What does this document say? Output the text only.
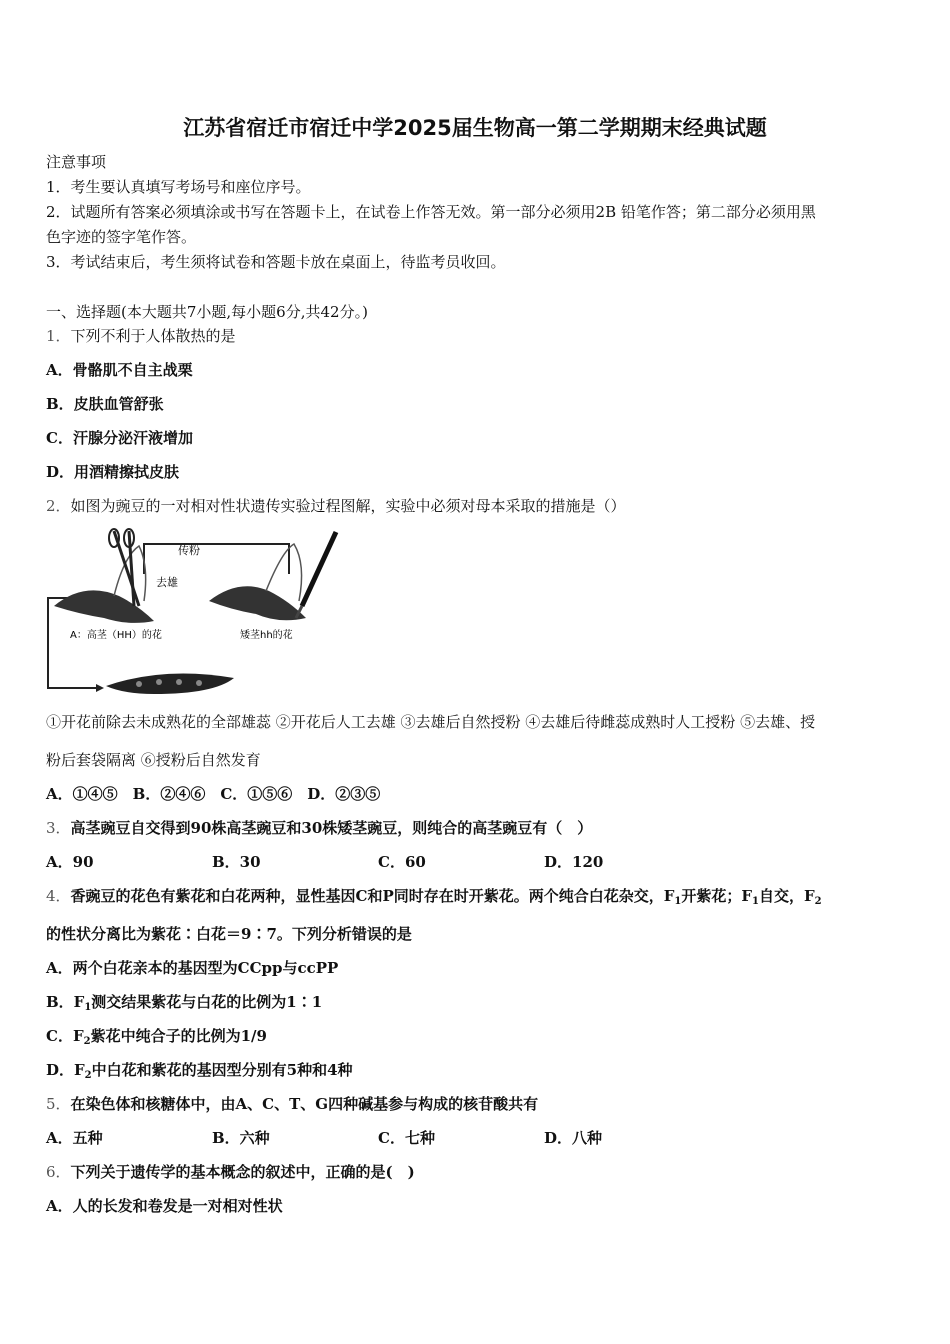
江苏省宿迁市宿迁中学2025届生物高一第二学期期末经典试题
注意事项
1．考生要认真填写考场号和座位序号。
2．试题所有答案必须填涂或书写在答题卡上，在试卷上作答无效。第一部分必须用2B 铅笔作答；第二部分必须用黑
色字迹的签字笔作答。
3．考试结束后，考生须将试卷和答题卡放在桌面上，待监考员收回。
一、选择题(本大题共7小题,每小题6分,共42分。)
1．下列不利于人体散热的是
A．骨骼肌不自主战栗
B．皮肤血管舒张
C．汗腺分泌汗液增加
D．用酒精擦拭皮肤
2．如图为豌豆的一对相对性状遗传实验过程图解，实验中必须对母本采取的措施是（）
传粉
去雄
A：高茎（HH）的花	矮茎hh的花
①开花前除去未成熟花的全部雄蕊 ②开花后人工去雄 ③去雄后自然授粉 ④去雄后待雌蕊成熟时人工授粉 ⑤去雄、授
粉后套袋隔离 ⑥授粉后自然发育
A．①④⑤　B．②④⑥　C．①⑤⑥　D．②③⑤
3．高茎豌豆自交得到90株高茎豌豆和30株矮茎豌豆，则纯合的高茎豌豆有（　）
A．90	B．30	C．60	D．120
4．香豌豆的花色有紫花和白花两种，显性基因C和P同时存在时开紫花。两个纯合白花杂交，$F_1$开紫花；$F_1$自交，$F_2$
的性状分离比为紫花∶白花＝9∶7。下列分析错误的是
A．两个白花亲本的基因型为CCpp与ccPP
B．$F_1$测交结果紫花与白花的比例为1∶1
C．$F_2$紫花中纯合子的比例为1/9
D．$F_2$中白花和紫花的基因型分别有5种和4种
5．在染色体和核糖体中，由A、C、T、G四种碱基参与构成的核苷酸共有
A．五种	B．六种	C．七种	D．八种
6．下列关于遗传学的基本概念的叙述中，正确的是(　)
A．人的长发和卷发是一对相对性状
